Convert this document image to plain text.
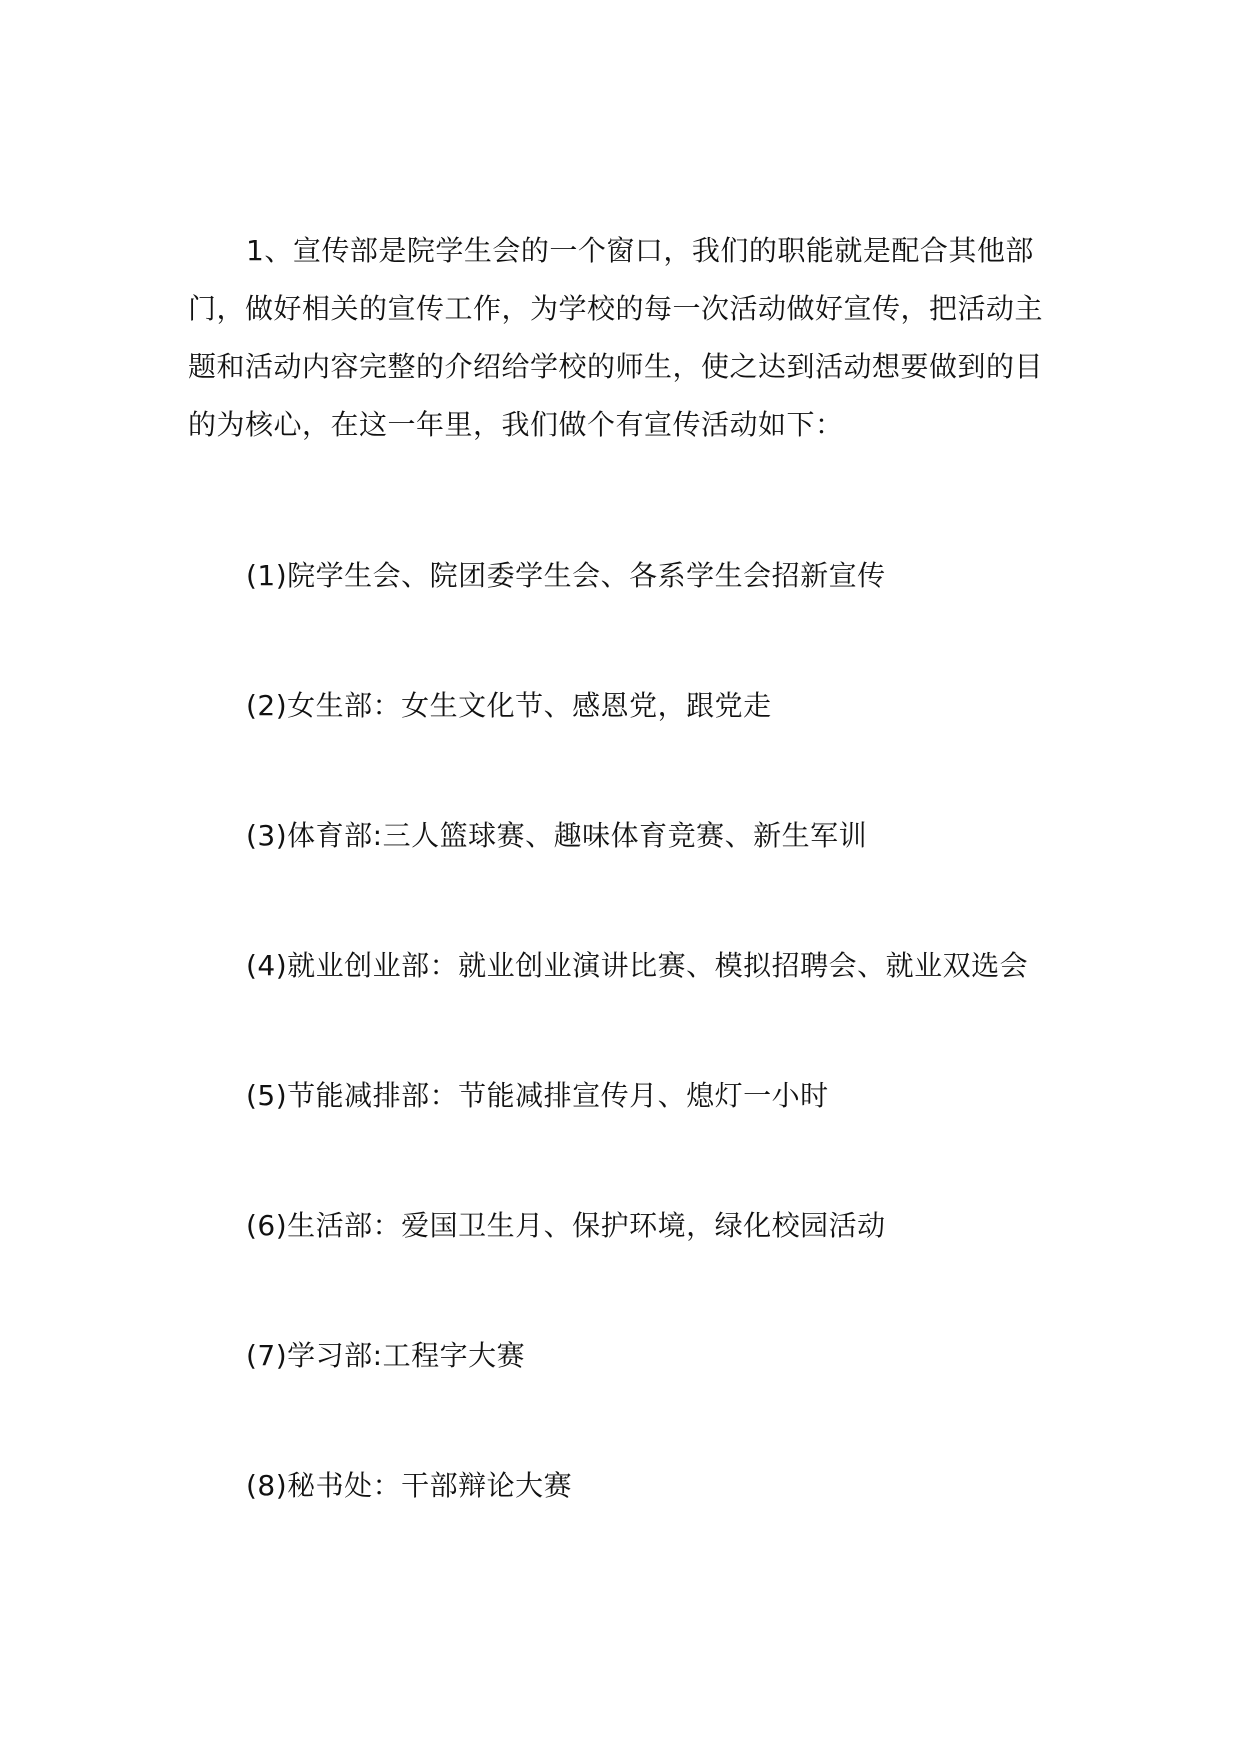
1、宣传部是院学生会的一个窗口，我们的职能就是配合其他部门，做好相关的宣传工作，为学校的每一次活动做好宣传，把活动主题和活动内容完整的介绍给学校的师生，使之达到活动想要做到的目的为核心，在这一年里，我们做个有宣传活动如下：

(1)院学生会、院团委学生会、各系学生会招新宣传

(2)女生部：女生文化节、感恩党，跟党走

(3)体育部:三人篮球赛、趣味体育竞赛、新生军训

(4)就业创业部：就业创业演讲比赛、模拟招聘会、就业双选会

(5)节能减排部：节能减排宣传月、熄灯一小时

(6)生活部：爱国卫生月、保护环境，绿化校园活动

(7)学习部:工程字大赛

(8)秘书处：干部辩论大赛
